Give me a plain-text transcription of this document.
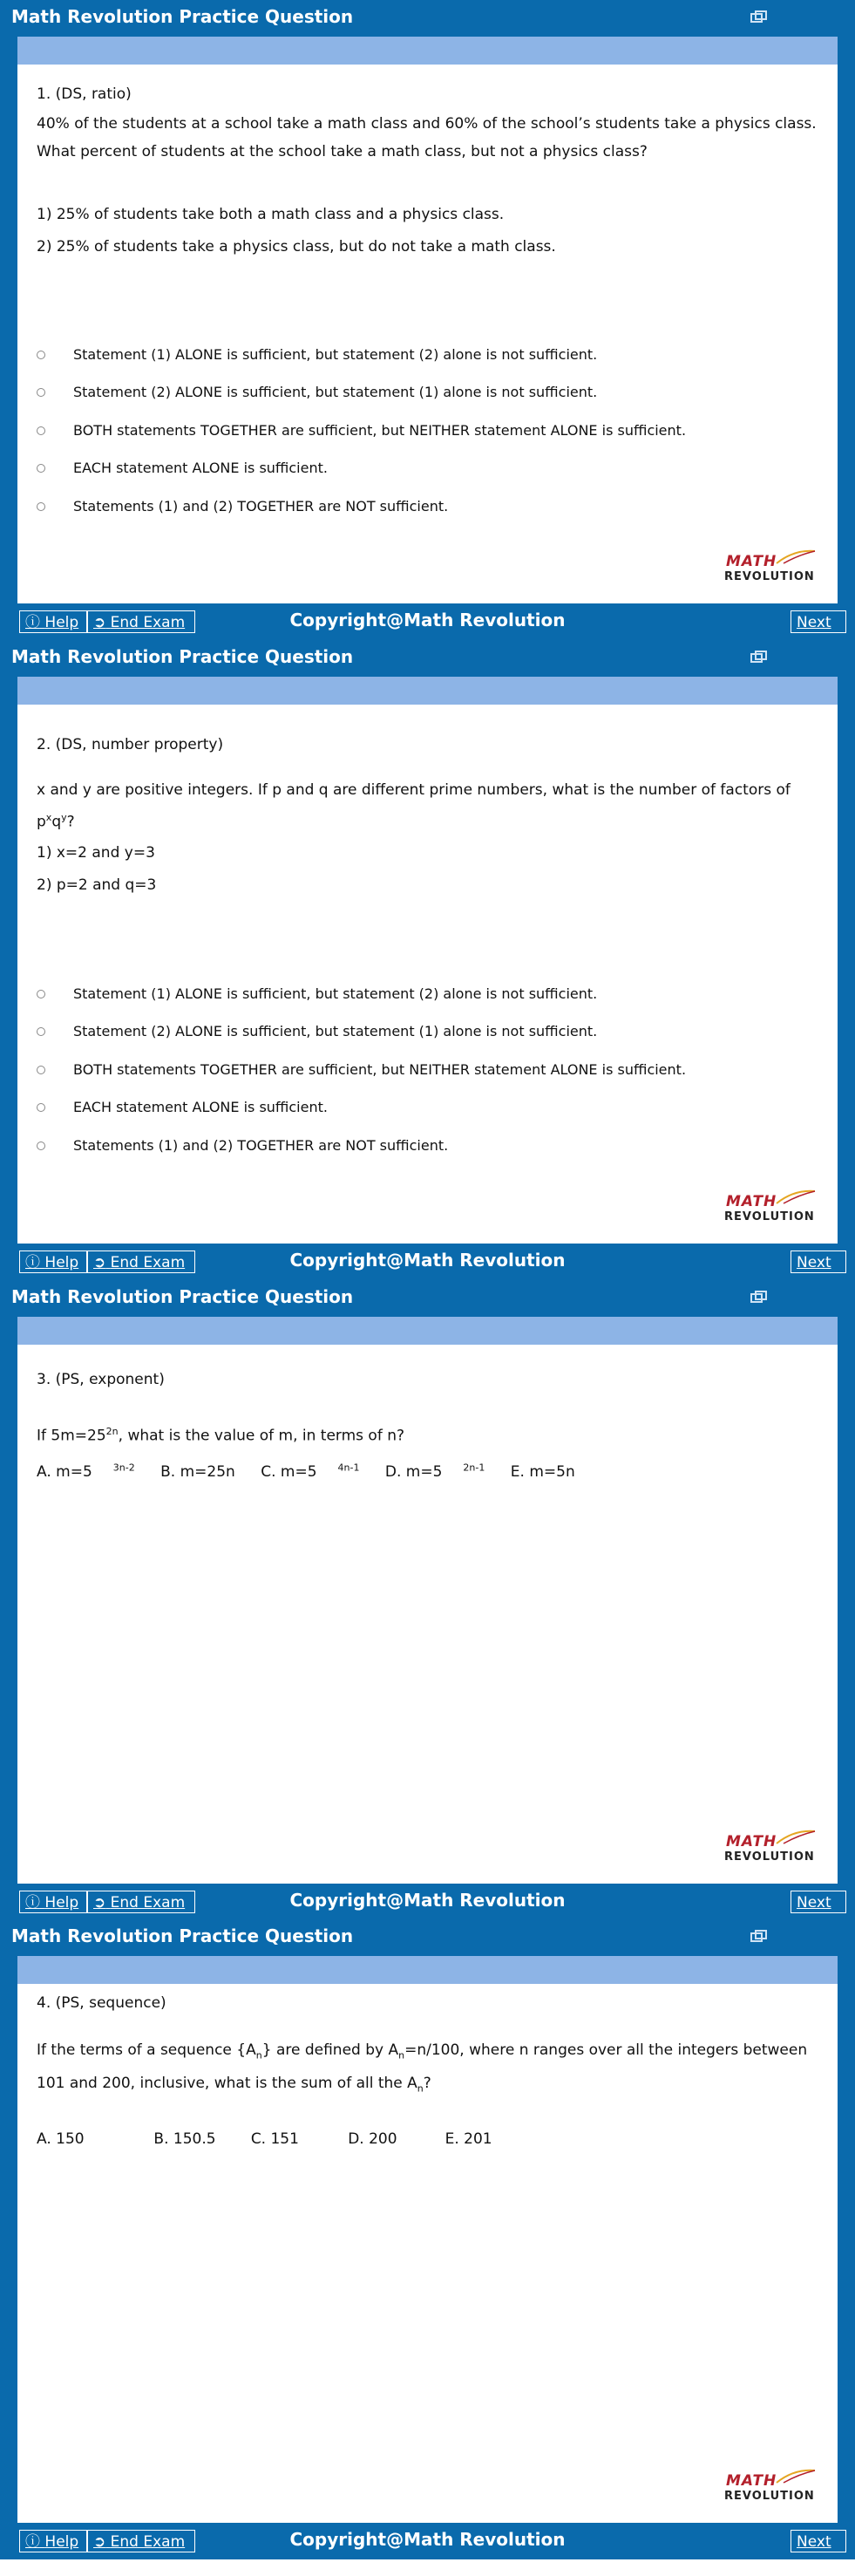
Math Revolution Practice Question
1. (DS, ratio)
40% of the students at a school take a math class and 60% of the school’s students take a physics class. What percent of students at the school take a math class, but not a physics class?
1) 25% of students take both a math class and a physics class.
2) 25% of students take a physics class, but do not take a math class.
Statement (1) ALONE is sufficient, but statement (2) alone is not sufficient.
Statement (2) ALONE is sufficient, but statement (1) alone is not sufficient.
BOTH statements TOGETHER are sufficient, but NEITHER statement ALONE is sufficient.
EACH statement ALONE is sufficient.
Statements (1) and (2) TOGETHER are NOT sufficient.
MATH
REVOLUTION
ⓘ Help ➲ End Exam	Copyright@Math Revolution	Next
Math Revolution Practice Question
2. (DS, number property)
x and y are positive integers. If p and q are different prime numbers, what is the number of factors of $p^xq^y$?
1) x=2 and y=3
2) p=2 and q=3
Statement (1) ALONE is sufficient, but statement (2) alone is not sufficient.
Statement (2) ALONE is sufficient, but statement (1) alone is not sufficient.
BOTH statements TOGETHER are sufficient, but NEITHER statement ALONE is sufficient.
EACH statement ALONE is sufficient.
Statements (1) and (2) TOGETHER are NOT sufficient.
MATH
REVOLUTION
ⓘ Help ➲ End Exam	Copyright@Math Revolution	Next
Math Revolution Practice Question
3. (PS, exponent)
If $5m=25^{2n}$, what is the value of m, in terms of n?
A. m=5 $^{3n-2}$ B. m=25n C. m=5 $^{4n-1}$ D. m=5 $^{2n-1}$ E. m=5n
MATH
REVOLUTION
ⓘ Help ➲ End Exam	Copyright@Math Revolution	Next
Math Revolution Practice Question
4. (PS, sequence)
If the terms of a sequence $\{A_n\}$ are defined by $A_n=n/100$, where n ranges over all the integers between 101 and 200, inclusive, what is the sum of all the $A_n$?
A. 150	B. 150.5 C. 151	D. 200	E. 201
MATH
REVOLUTION
ⓘ Help ➲ End Exam	Copyright@Math Revolution	Next ➜
